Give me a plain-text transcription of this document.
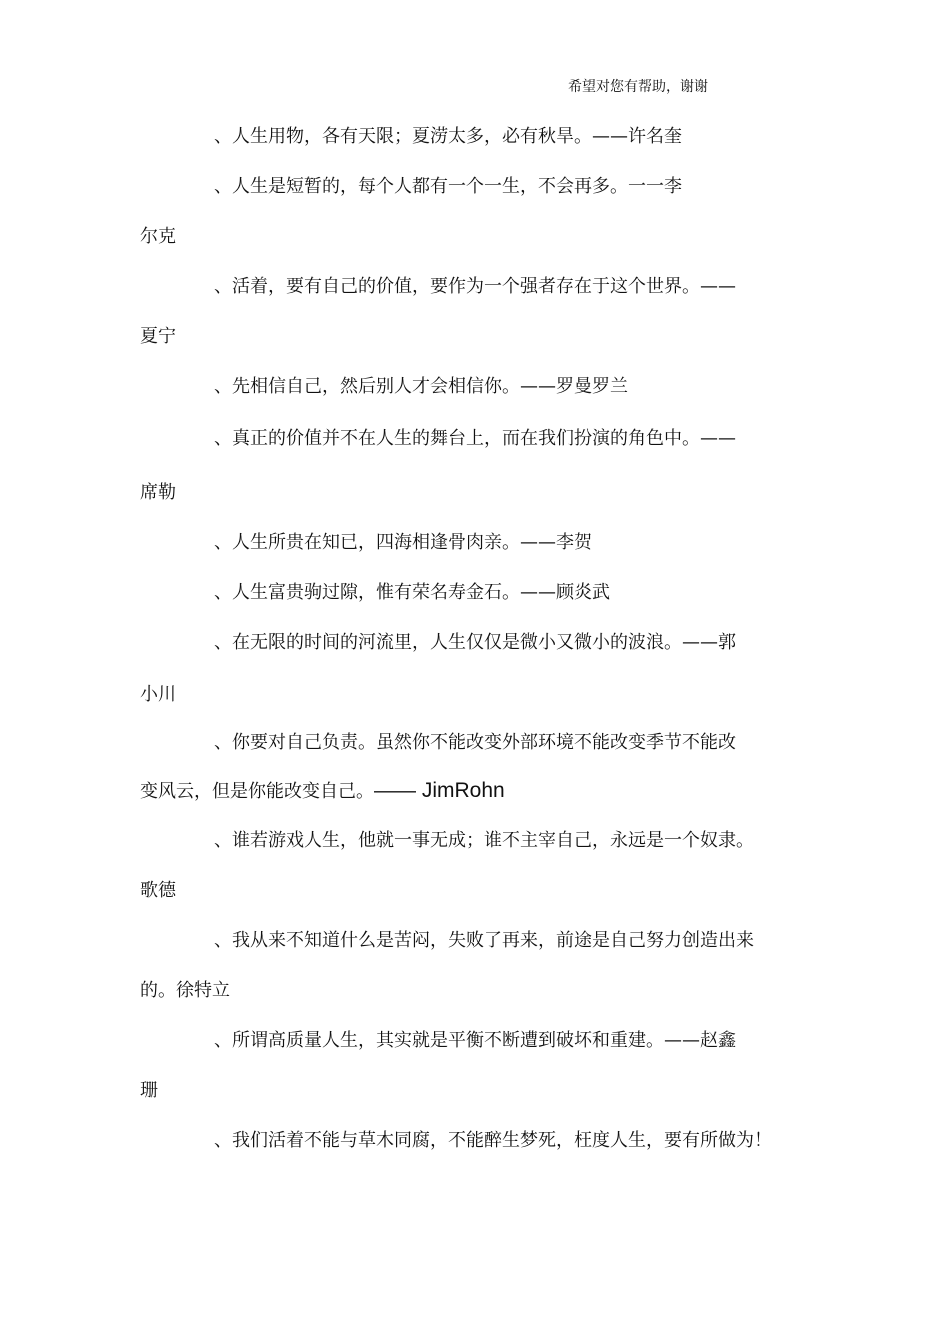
希望对您有帮助，谢谢
、人生用物，各有天限；夏涝太多，必有秋旱。——许名奎
、人生是短暂的，每个人都有一个一生，不会再多。一一李
尔克
、活着，要有自己的价值，要作为一个强者存在于这个世界。——
夏宁
、先相信自己，然后别人才会相信你。——罗曼罗兰
、真正的价值并不在人生的舞台上，而在我们扮演的角色中。——
席勒
、人生所贵在知已，四海相逢骨肉亲。——李贺
、人生富贵驹过隙，惟有荣名寿金石。——顾炎武
、在无限的时间的河流里，人生仅仅是微小又微小的波浪。——郭
小川
、你要对自己负责。虽然你不能改变外部环境不能改变季节不能改
变风云，但是你能改变自己。—— JimRohn
、谁若游戏人生，他就一事无成；谁不主宰自己，永远是一个奴隶。
歌德
、我从来不知道什么是苦闷，失败了再来，前途是自己努力创造出来
的。徐特立
、所谓高质量人生，其实就是平衡不断遭到破坏和重建。——赵鑫
珊
、我们活着不能与草木同腐，不能醉生梦死，枉度人生，要有所做为！
